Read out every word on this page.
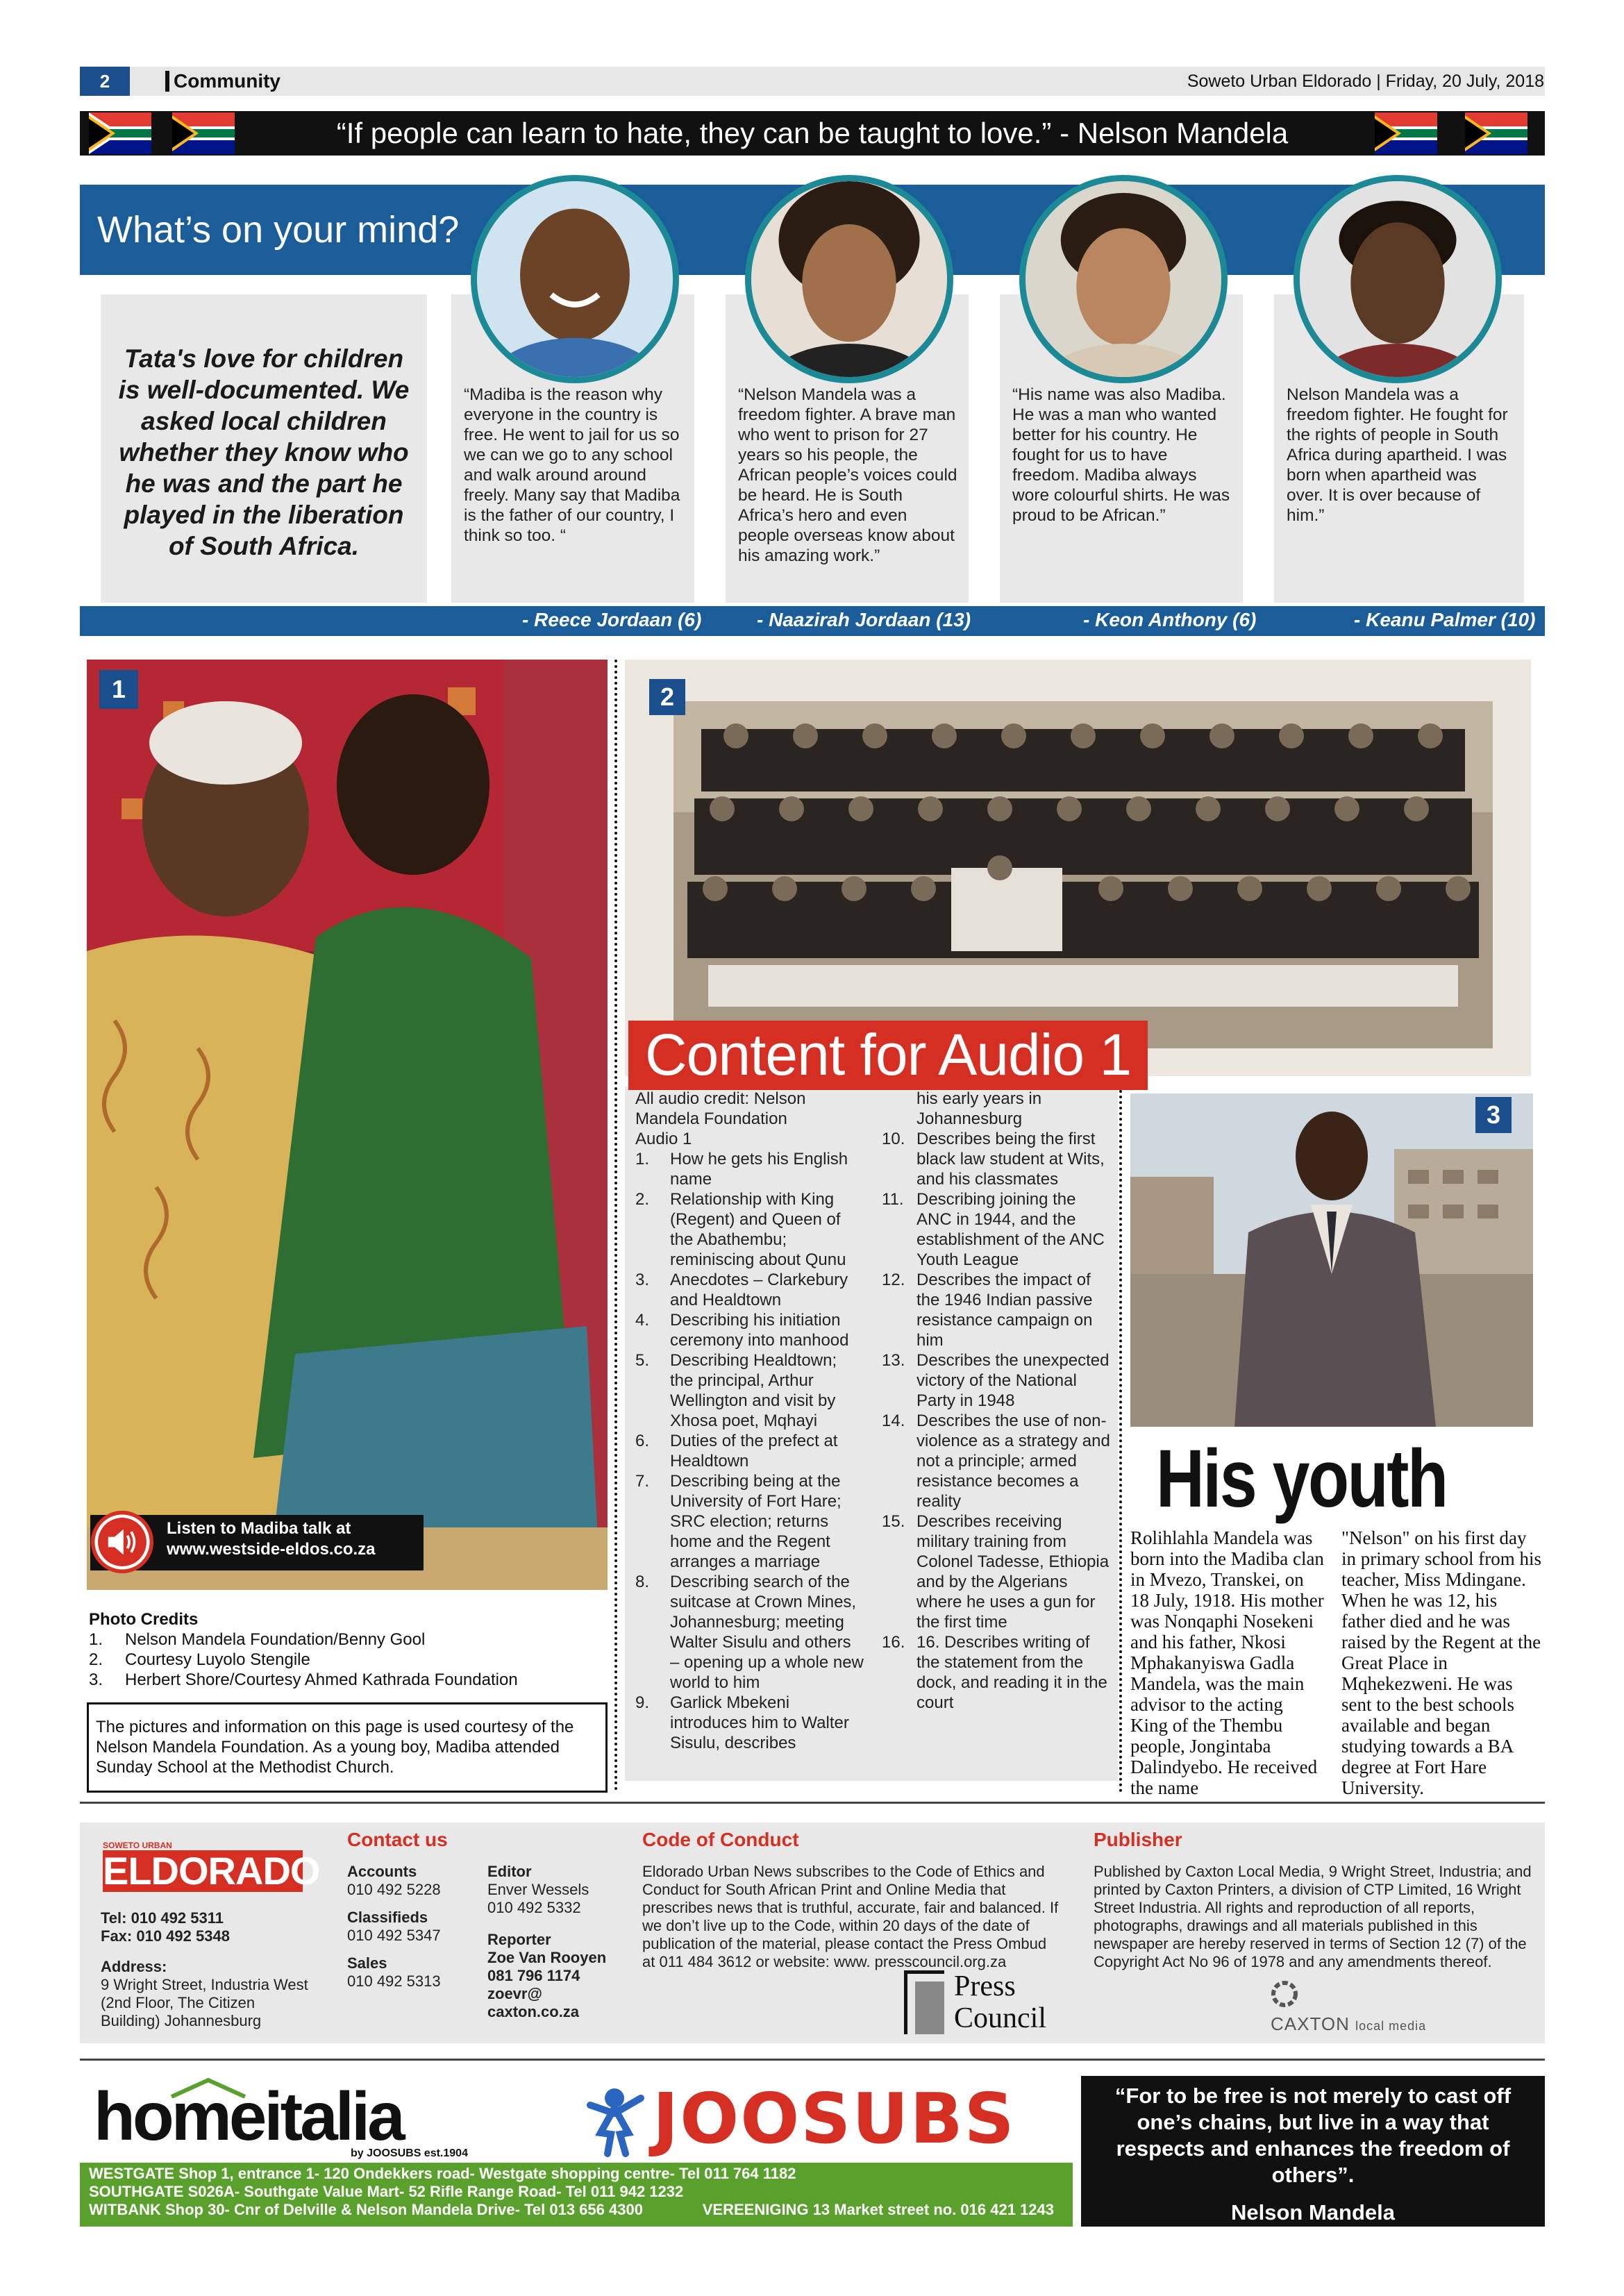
2	Community	Soweto Urban Eldorado | Friday, 20 July, 2018
“If people can learn to hate, they can be taught to love.” - Nelson Mandela
What’s on your mind?
Tata's love for children is well-documented. We asked local children whether they know who he was and the part he played in the liberation of South Africa.
“Madiba is the reason why everyone in the country is free. He went to jail for us so we can we go to any school and walk around around freely. Many say that Madiba is the father of our country, I think so too. “
“Nelson Mandela was a freedom fighter. A brave man who went to prison for 27 years so his people, the African people’s voices could be heard. He is South Africa’s hero and even people overseas know about his amazing work.”
“His name was also Madiba. He was a man who wanted better for his country. He fought for us to have freedom. Madiba always wore colourful shirts. He was proud to be African.”
Nelson Mandela was a freedom fighter. He fought for the rights of people in South Africa during apartheid. I was born when apartheid was over. It is over because of him.”
- Reece Jordaan (6)	- Naazirah Jordaan (13)	- Keon Anthony (6)	- Keanu Palmer (10)
1
Listen to Madiba talk at www.westside-eldos.co.za
Photo Credits
1.	Nelson Mandela Foundation/Benny Gool
2.	Courtesy Luyolo Stengile
3.	Herbert Shore/Courtesy Ahmed Kathrada Foundation
The pictures and information on this page is used courtesy of the Nelson Mandela Foundation. As a young boy, Madiba attended Sunday School at the Methodist Church.
2
Content for Audio 1
All audio credit: Nelson Mandela Foundation
Audio 1
1.	How he gets his English name
2.	Relationship with King (Regent) and Queen of the Abathembu; reminiscing about Qunu
3.	Anecdotes – Clarkebury and Healdtown
4.	Describing his initiation ceremony into manhood
5.	Describing Healdtown; the principal, Arthur Wellington and visit by Xhosa poet, Mqhayi
6.	Duties of the prefect at Healdtown
7.	Describing being at the University of Fort Hare; SRC election; returns home and the Regent arranges a marriage
8.	Describing search of the suitcase at Crown Mines, Johannesburg; meeting Walter Sisulu and others – opening up a whole new world to him
9.	Garlick Mbekeni introduces him to Walter Sisulu, describes
his early years in Johannesburg
10. Describes being the first black law student at Wits, and his classmates
11. Describing joining the ANC in 1944, and the establishment of the ANC Youth League
12. Describes the impact of the 1946 Indian passive resistance campaign on him
13. Describes the unexpected victory of the National Party in 1948
14. Describes the use of non-violence as a strategy and not a principle; armed resistance becomes a reality
15. Describes receiving military training from Colonel Tadesse, Ethiopia and by the Algerians where he uses a gun for the first time
16. 16. Describes writing of the statement from the dock, and reading it in the court
3
His youth
Rolihlahla Mandela was born into the Madiba clan in Mvezo, Transkei, on 18 July, 1918. His mother was Nonqaphi Nosekeni and his father, Nkosi Mphakanyiswa Gadla Mandela, was the main advisor to the acting King of the Thembu people, Jongintaba Dalindyebo. He received the name
"Nelson" on his first day in primary school from his teacher, Miss Mdingane. When he was 12, his father died and he was raised by the Regent at the Great Place in Mqhekezweni. He was sent to the best schools available and began studying towards a BA degree at Fort Hare University.
SOWETO URBAN
ELDORADO
Tel: 010 492 5311
Fax: 010 492 5348
Address:
9 Wright Street, Industria West (2nd Floor, The Citizen Building) Johannesburg
Contact us
Accounts
010 492 5228
Classifieds
010 492 5347
Sales
010 492 5313
Editor
Enver Wessels 010 492 5332
Reporter
Zoe Van Rooyen 081 796 1174 zoevr@ caxton.co.za
Code of Conduct
Eldorado Urban News subscribes to the Code of Ethics and Conduct for South African Print and Online Media that prescribes news that is truthful, accurate, fair and balanced. If we don’t live up to the Code, within 20 days of the date of publication of the material, please contact the Press Ombud at 011 484 3612 or website: www. presscouncil.org.za
Press
Council
Publisher
Published by Caxton Local Media, 9 Wright Street, Industria; and printed by Caxton Printers, a division of CTP Limited, 16 Wright Street Industria. All rights and reproduction of all reports, photographs, drawings and all materials published in this newspaper are hereby reserved in terms of Section 12 (7) of the Copyright Act No 96 of 1978 and any amendments thereof.
CAXTON local media
homeitalia
by JOOSUBS est.1904	JOOSUBS
WESTGATE Shop 1, entrance 1- 120 Ondekkers road- Westgate shopping centre- Tel 011 764 1182
SOUTHGATE S026A- Southgate Value Mart- 52 Rifle Range Road- Tel 011 942 1232
WITBANK Shop 30- Cnr of Delville & Nelson Mandela Drive- Tel 013 656 4300	VEREENIGING 13 Market street no. 016 421 1243
“For to be free is not merely to cast off one’s chains, but live in a way that respects and enhances the freedom of others”.
Nelson Mandela
